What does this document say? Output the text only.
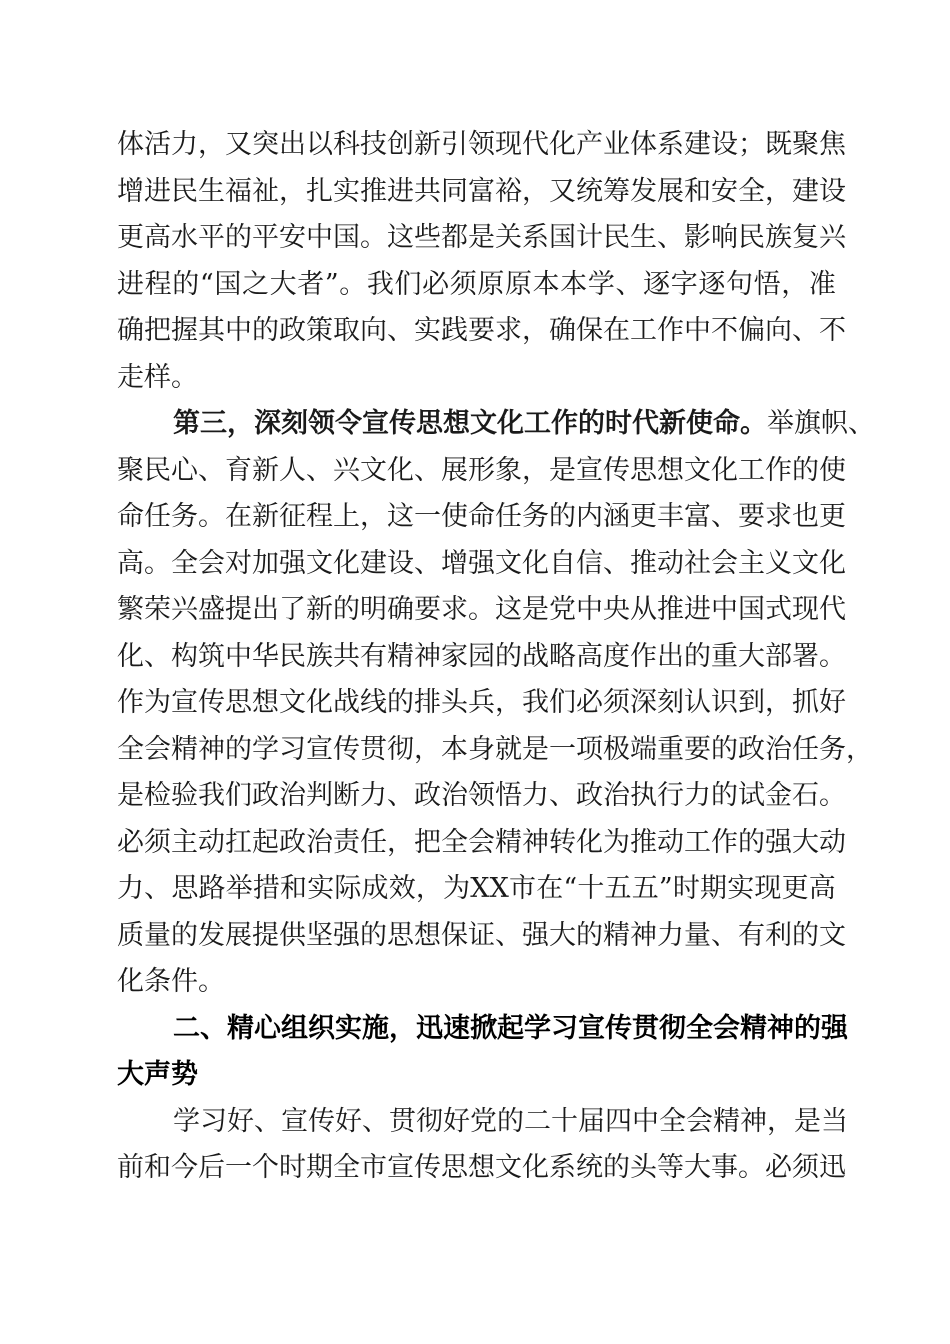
体 活 力 ， 又 突 出 以 科 技 创 新 引 领 现 代 化 产 业 体 系 建 设 ； 既 聚 焦
增 进 民 生 福 祉 ， 扎 实 推 进 共 同 富 裕 ， 又 统 筹 发 展 和 安 全 ， 建 设
更 高 水 平 的 平 安 中 国 。 这 些 都 是 关 系 国 计 民 生 、 影 响 民 族 复 兴
进 程 的 “ 国 之 大 者 ” 。 我 们 必 须 原 原 本 本 学 、 逐 字 逐 句 悟 ， 准
确 把 握 其 中 的 政 策 取 向 、 实 践 要 求 ， 确 保 在 工 作 中 不 偏 向 、 不
走样。
第 三 ， 深 刻 领 令 宣 传 思 想 文 化 工 作 的 时 代 新 使 命 。 举 旗 帜 、
聚 民 心 、 育 新 人 、 兴 文 化 、 展 形 象 ， 是 宣 传 思 想 文 化 工 作 的 使
命 任 务 。 在 新 征 程 上 ， 这 一 使 命 任 务 的 内 涵 更 丰 富 、 要 求 也 更
高 。 全 会 对 加 强 文 化 建 设 、 增 强 文 化 自 信 、 推 动 社 会 主 义 文 化
繁 荣 兴 盛 提 出 了 新 的 明 确 要 求 。 这 是 党 中 央 从 推 进 中 国 式 现 代
化 、 构 筑 中 华 民 族 共 有 精 神 家 园 的 战 略 高 度 作 出 的 重 大 部 署 。
作 为 宣 传 思 想 文 化 战 线 的 排 头 兵 ， 我 们 必 须 深 刻 认 识 到 ， 抓 好
全 会 精 神 的 学 习 宣 传 贯 彻 ， 本 身 就 是 一 项 极 端 重 要 的 政 治 任 务 ，
是 检 验 我 们 政 治 判 断 力 、 政 治 领 悟 力 、 政 治 执 行 力 的 试 金 石 。
必 须 主 动 扛 起 政 治 责 任 ， 把 全 会 精 神 转 化 为 推 动 工 作 的 强 大 动
力 、 思 路 举 措 和 实 际 成 效 ， 为 X X 市 在 “ 十 五 五 ” 时 期 实 现 更 高
质 量 的 发 展 提 供 坚 强 的 思 想 保 证 、 强 大 的 精 神 力 量 、 有 利 的 文
化条件。
二 、 精 心 组 织 实 施 ， 迅 速 掀 起 学 习 宣 传 贯 彻 全 会 精 神 的 强
大声势
学 习 好 、 宣 传 好 、 贯 彻 好 党 的 二 十 届 四 中 全 会 精 神 ， 是 当
前 和 今 后 一 个 时 期 全 市 宣 传 思 想 文 化 系 统 的 头 等 大 事 。 必 须 迅
